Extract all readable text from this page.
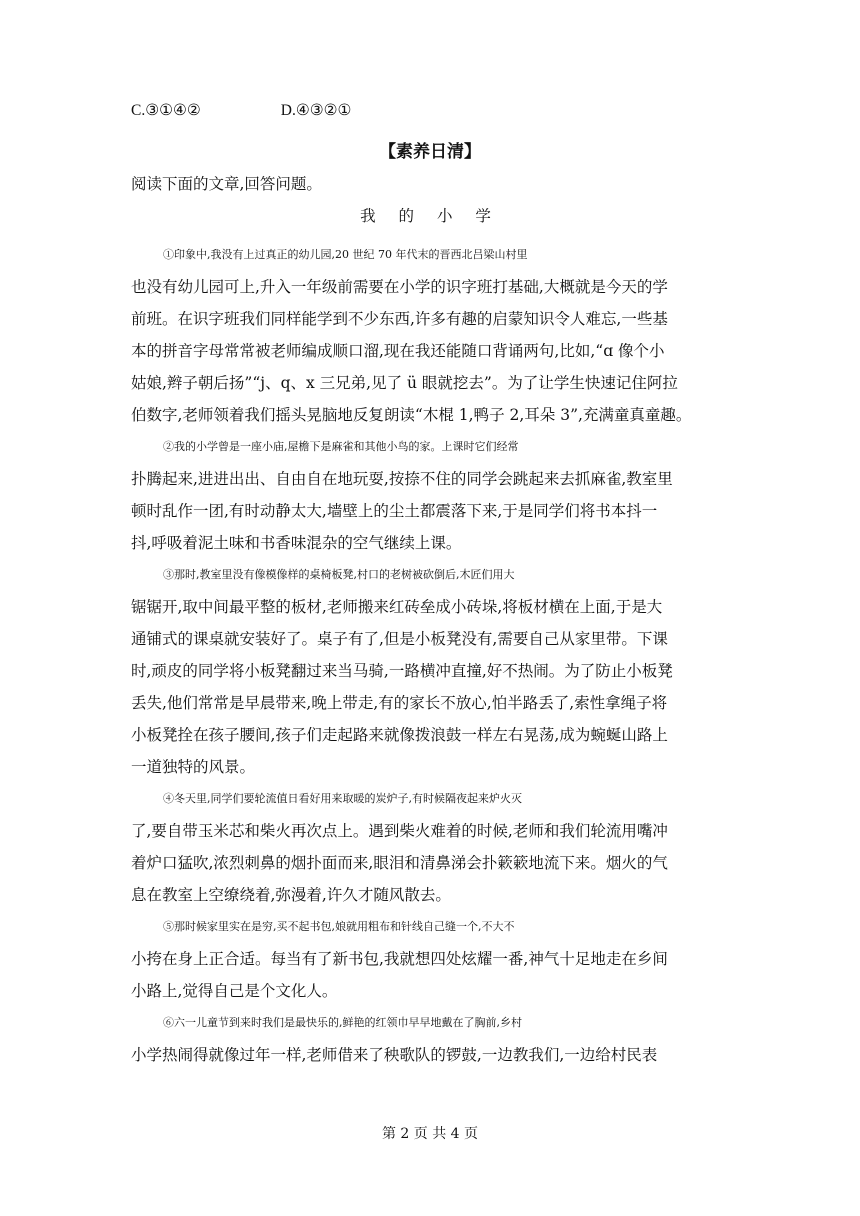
C.③①④②	D.④③②①
【素养日清】
阅读下面的文章,回答问题。
我 的 小 学
①印象中,我没有上过真正的幼儿园,20 世纪 70 年代末的晋西北吕梁山村里
也没有幼儿园可上,升入一年级前需要在小学的识字班打基础,大概就是今天的学
前班。在识字班我们同样能学到不少东西,许多有趣的启蒙知识令人难忘,一些基
本的拼音字母常常被老师编成顺口溜,现在我还能随口背诵两句,比如,“ɑ 像个小
姑娘,辫子朝后扬”“j、q、x 三兄弟,见了 ü 眼就挖去”。为了让学生快速记住阿拉
伯数字,老师领着我们摇头晃脑地反复朗读“木棍 1,鸭子 2,耳朵 3”,充满童真童趣。
②我的小学曾是一座小庙,屋檐下是麻雀和其他小鸟的家。上课时它们经常
扑腾起来,进进出出、自由自在地玩耍,按捺不住的同学会跳起来去抓麻雀,教室里
顿时乱作一团,有时动静太大,墙壁上的尘土都震落下来,于是同学们将书本抖一
抖,呼吸着泥土味和书香味混杂的空气继续上课。
③那时,教室里没有像模像样的桌椅板凳,村口的老树被砍倒后,木匠们用大
锯锯开,取中间最平整的板材,老师搬来红砖垒成小砖垛,将板材横在上面,于是大
通铺式的课桌就安装好了。桌子有了,但是小板凳没有,需要自己从家里带。下课
时,顽皮的同学将小板凳翻过来当马骑,一路横冲直撞,好不热闹。为了防止小板凳
丢失,他们常常是早晨带来,晚上带走,有的家长不放心,怕半路丢了,索性拿绳子将
小板凳拴在孩子腰间,孩子们走起路来就像拨浪鼓一样左右晃荡,成为蜿蜒山路上
一道独特的风景。
④冬天里,同学们要轮流值日看好用来取暖的炭炉子,有时候隔夜起来炉火灭
了,要自带玉米芯和柴火再次点上。遇到柴火难着的时候,老师和我们轮流用嘴冲
着炉口猛吹,浓烈刺鼻的烟扑面而来,眼泪和清鼻涕会扑簌簌地流下来。烟火的气
息在教室上空缭绕着,弥漫着,许久才随风散去。
⑤那时候家里实在是穷,买不起书包,娘就用粗布和针线自己缝一个,不大不
小挎在身上正合适。每当有了新书包,我就想四处炫耀一番,神气十足地走在乡间
小路上,觉得自己是个文化人。
⑥六一儿童节到来时我们是最快乐的,鲜艳的红领巾早早地戴在了胸前,乡村
小学热闹得就像过年一样,老师借来了秧歌队的锣鼓,一边教我们,一边给村民表
第 2 页 共 4 页
